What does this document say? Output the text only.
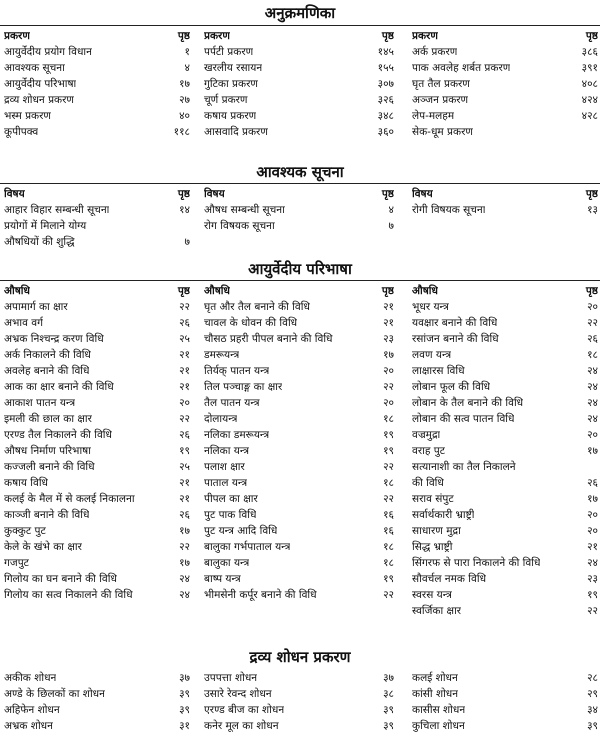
अनुक्रमणिका
प्रकरण	पृष्ठ
आयुर्वेदीय प्रयोग विधान	१
आवश्यक सूचना	४
आयुर्वेदीय परिभाषा	१७
द्रव्य शोधन प्रकरण	२७
भस्म प्रकरण	४०
कूपीपक्व	११८
प्रकरण	पृष्ठ
पर्पटी प्रकरण	१४५
खरलीय रसायन	१५५
गुटिका प्रकरण	३०७
चूर्ण प्रकरण	३२६
कषाय प्रकरण	३४८
आसवादि प्रकरण	३६०
प्रकरण	पृष्ठ
अर्क प्रकरण	३८६
पाक अवलेह शर्बत प्रकरण	३९१
घृत तैल प्रकरण	४०८
अञ्जन प्रकरण	४२४
लेप-मलहम	४२८
सेक-धूम प्रकरण
आवश्यक सूचना
विषय	पृष्ठ
आहार विहार सम्बन्धी सूचना	१४
प्रयोगों में मिलाने योग्य
औषधियों की शुद्धि	७
विषय	पृष्ठ
औषध सम्बन्धी सूचना	४
रोग विषयक सूचना	७
विषय	पृष्ठ
रोगी विषयक सूचना	१३
आयुर्वेदीय परिभाषा
औषधि	पृष्ठ
अपामार्ग का क्षार	२२
अभाव वर्ग	२६
अभ्रक निश्चन्द्र करण विधि	२५
अर्क निकालने की विधि	२१
अवलेह बनाने की विधि	२१
आक का क्षार बनाने की विधि	२१
आकाश पातन यन्त्र	२०
इमली की छाल का क्षार	२२
एरण्ड तैल निकालने की विधि	२६
औषध निर्माण परिभाषा	१९
कज्जली बनाने की विधि	२५
कषाय विधि	२१
कलई के मैल में से कलई निकालना	२१
काञ्जी बनाने की विधि	२६
कुक्कुट पुट	१७
केले के खंभे का क्षार	२२
गजपुट	१७
गिलोय का घन बनाने की विधि	२४
गिलोय का सत्व निकालने की विधि	२४
औषधि	पृष्ठ
घृत और तैल बनाने की विधि	२१
चावल के धोवन की विधि	२१
चौसठ प्रहरी पीपल बनाने की विधि	२३
डमरूयन्त्र	१७
तिर्यक् पातन यन्त्र	२०
तिल पञ्चाङ्ग का क्षार	२२
तैल पातन यन्त्र	२०
दोलायन्त्र	१८
नलिका डमरूयन्त्र	१९
नलिका यन्त्र	१९
पलाश क्षार	२२
पाताल यन्त्र	१८
पीपल का क्षार	२२
पुट पाक विधि	१६
पुट यन्त्र आदि विधि	१६
बालुका गर्भपाताल यन्त्र	१८
बालुका यन्त्र	१८
बाष्प यन्त्र	१९
भीमसेनी कर्पूर बनाने की विधि	२२
औषधि	पृष्ठ
भूधर यन्त्र	२०
यवक्षार बनाने की विधि	२२
रसांजन बनाने की विधि	२६
लवण यन्त्र	१८
लाक्षारस विधि	२४
लोबान फूल की विधि	२४
लोबान के तैल बनाने की विधि	२४
लोबान की सत्व पातन विधि	२४
वज्रमुद्रा	२०
वराह पुट	१७
सत्यानाशी का तैल निकालने
की विधि	२६
सराव संपुट	१७
सर्वार्थकारी भ्राष्ट्री	२०
साधारण मुद्रा	२०
सिद्ध भ्राष्ट्री	२१
सिंगरफ से पारा निकालने की विधि	२४
सौवर्चल नमक विधि	२३
स्वरस यन्त्र	१९
स्वर्जिका क्षार	२२
द्रव्य शोधन प्रकरण
अकीक शोधन	३७
अण्डे के छिलकों का शोधन	३९
अहिफेन शोधन	३९
अभ्रक शोधन	३१
उपपत्ता शोधन	३७
उसारे रेवन्द शोधन	३८
एरण्ड बीज का शोधन	३९
कनेर मूल का शोधन	३९
कलई शोधन	२८
कांसी शोधन	२९
कासीस शोधन	३४
कुचिला शोधन	३९
